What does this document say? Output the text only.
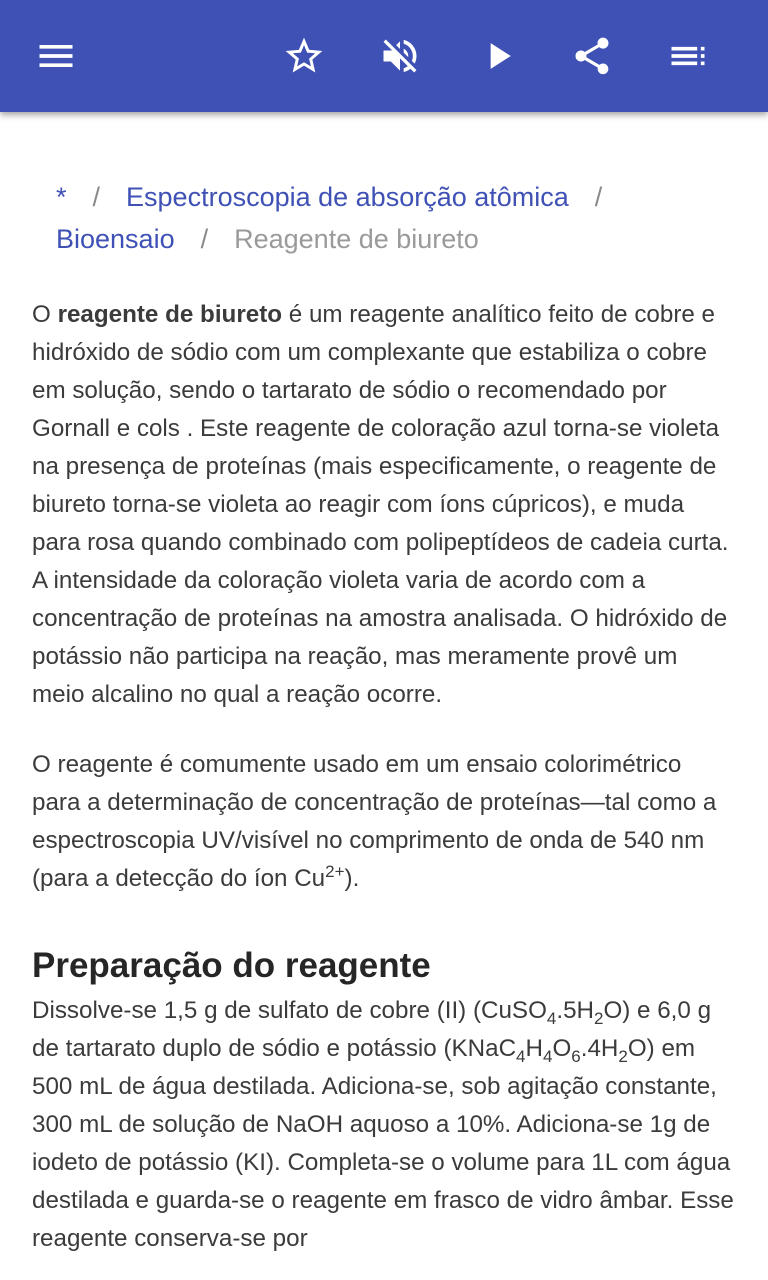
* / Espectroscopia de absorção atômica /
Bioensaio / Reagente de biureto

O reagente de biureto é um reagente analítico feito de cobre e hidróxido de sódio com um complexante que estabiliza o cobre em solução, sendo o tartarato de sódio o recomendado por Gornall e cols . Este reagente de coloração azul torna-se violeta na presença de proteínas (mais especificamente, o reagente de biureto torna-se violeta ao reagir com íons cúpricos), e muda para rosa quando combinado com polipeptídeos de cadeia curta. A intensidade da coloração violeta varia de acordo com a concentração de proteínas na amostra analisada. O hidróxido de potássio não participa na reação, mas meramente provê um meio alcalino no qual a reação ocorre.

O reagente é comumente usado em um ensaio colorimétrico para a determinação de concentração de proteínas—tal como a espectroscopia UV/visível no comprimento de onda de 540 nm (para a detecção do íon $Cu^{2+}$).

Preparação do reagente

Dissolve-se 1,5 g de sulfato de cobre (II) $(CuSO_4.5H_2O)$ e 6,0 g de tartarato duplo de sódio e potássio $(KNaC_4H_4O_6.4H_2O)$ em 500 mL de água destilada. Adiciona-se, sob agitação constante, 300 mL de solução de NaOH aquoso a 10%. Adiciona-se 1g de iodeto de potássio (KI). Completa-se o volume para 1L com água destilada e guarda-se o reagente em frasco de vidro âmbar. Esse reagente conserva-se por
